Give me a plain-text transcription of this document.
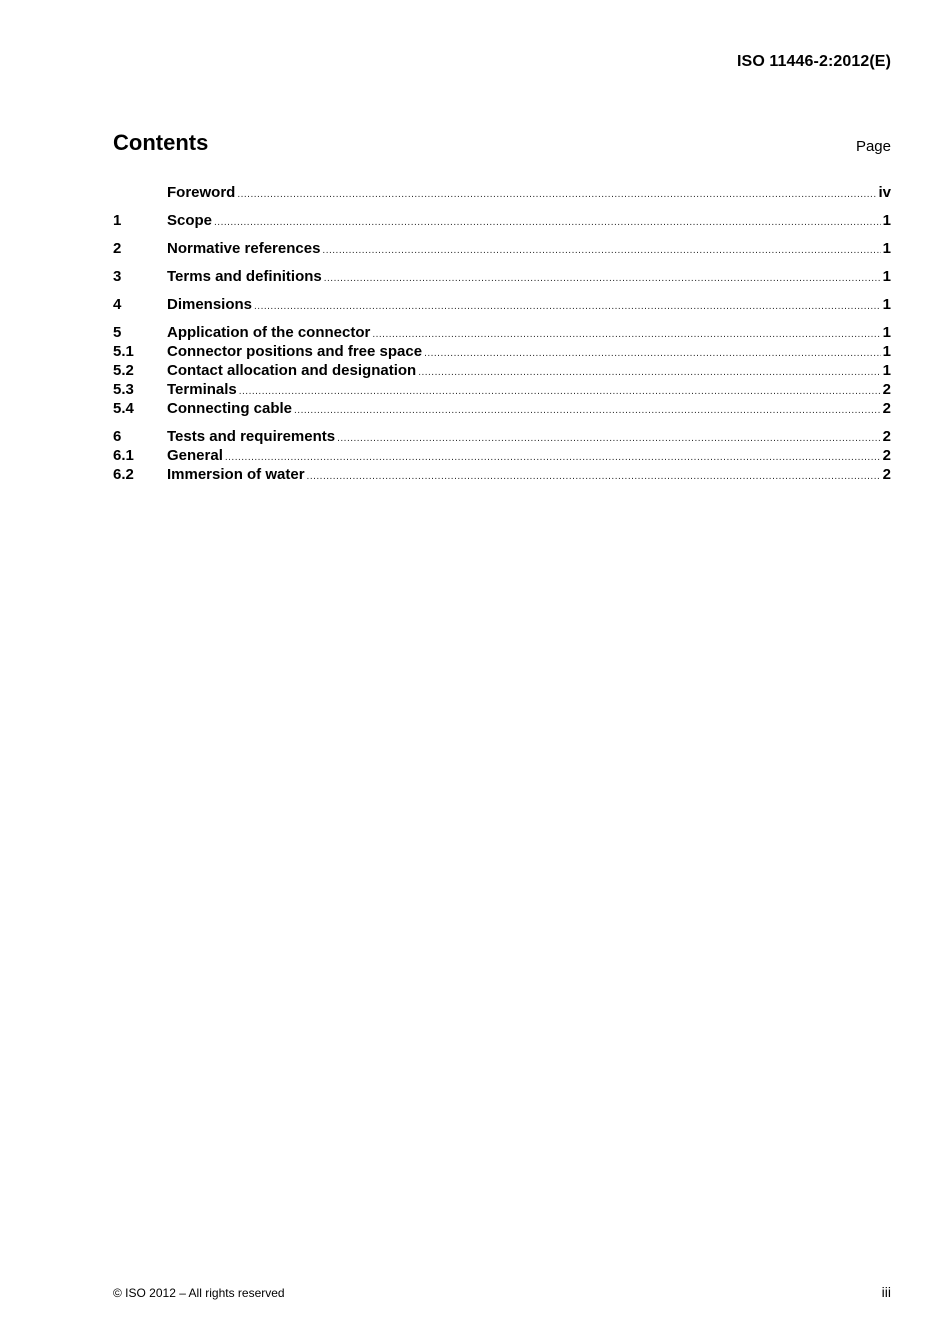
ISO 11446-2:2012(E)
Contents	Page
Foreword .....	iv
1	Scope .....	1
2	Normative references .....	1
3	Terms and definitions .....	1
4	Dimensions .....	1
5	Application of the connector .....	1
5.1	Connector positions and free space .....	1
5.2	Contact allocation and designation .....	1
5.3	Terminals .....	2
5.4	Connecting cable .....	2
6	Tests and requirements .....	2
6.1	General .....	2
6.2	Immersion of water .....	2
© ISO 2012 – All rights reserved	iii
